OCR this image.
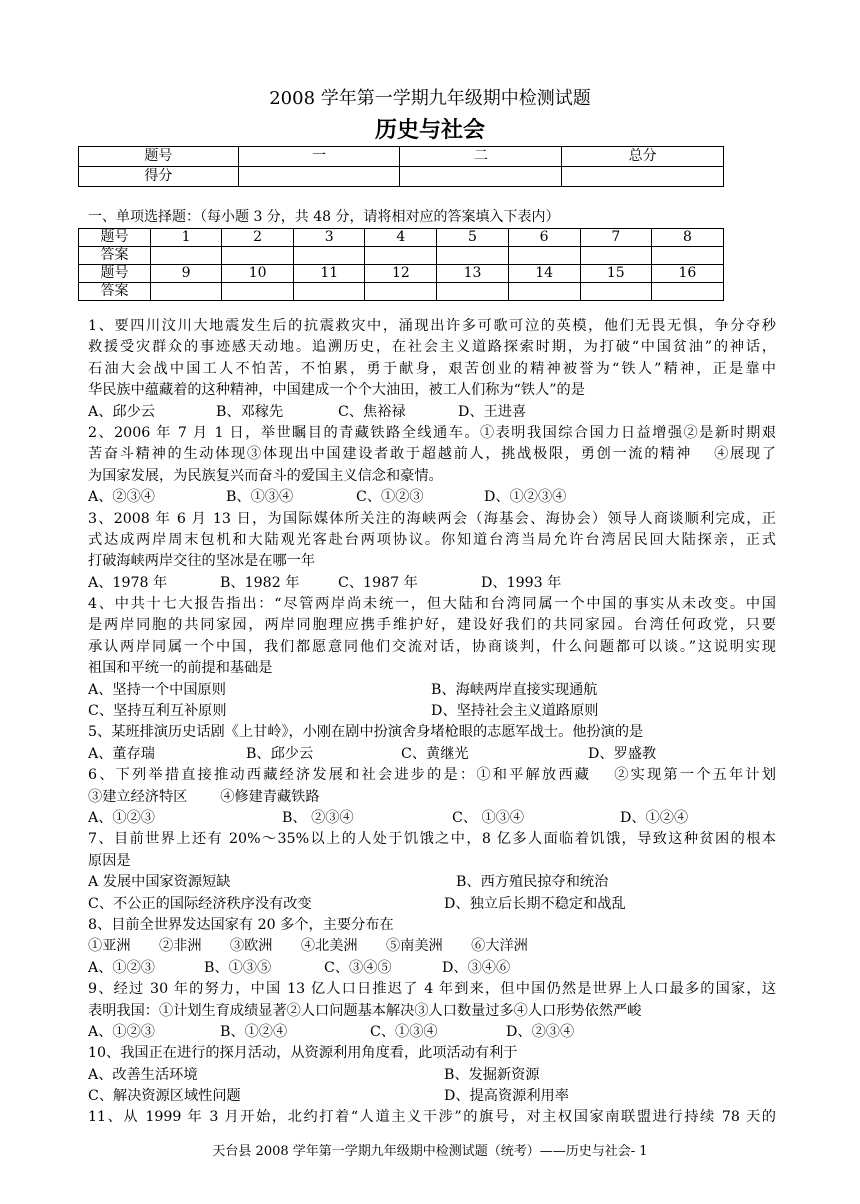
2008 学年第一学期九年级期中检测试题
历史与社会
题号	一	二	总分
得分			
一、单项选择题：（每小题 3 分，共 48 分，请将相对应的答案填入下表内）
题号	1	2	3	4	5	6	7	8
答案								
题号	9	10	11	12	13	14	15	16
答案								
1、要四川汶川大地震发生后的抗震救灾中，涌现出许多可歌可泣的英模，他们无畏无惧，争分夺秒
救援受灾群众的事迹感天动地。追溯历史，在社会主义道路探索时期，为打破“中国贫油”的神话，
石油大会战中国工人不怕苦，不怕累，勇于献身，艰苦创业的精神被誉为“铁人”精神，正是靠中
华民族中蕴藏着的这种精神，中国建成一个个大油田，被工人们称为“铁人”的是
A、邱少云	B、邓稼先	C、焦裕禄	D、王进喜
2、2006 年 7 月 1 日，举世瞩目的青藏铁路全线通车。①表明我国综合国力日益增强②是新时期艰
苦奋斗精神的生动体现③体现出中国建设者敢于超越前人，挑战极限，勇创一流的精神　 ④展现了
为国家发展，为民族复兴而奋斗的爱国主义信念和豪情。
A、②③④	B、①③④	C、①②③	D、①②③④
3、2008 年 6 月 13 日，为国际媒体所关注的海峡两会（海基会、海协会）领导人商谈顺利完成，正
式达成两岸周末包机和大陆观光客赴台两项协议。你知道台湾当局允许台湾居民回大陆探亲，正式
打破海峡两岸交往的坚冰是在哪一年
A、1978 年	B、1982 年	C、1987 年	D、1993 年
4、中共十七大报告指出：“尽管两岸尚未统一，但大陆和台湾同属一个中国的事实从未改变。中国
是两岸同胞的共同家园，两岸同胞理应携手维护好，建设好我们的共同家园。台湾任何政党，只要
承认两岸同属一个中国，我们都愿意同他们交流对话，协商谈判，什么问题都可以谈。”这说明实现
祖国和平统一的前提和基础是
A、坚持一个中国原则	B、海峡两岸直接实现通航
C、坚持互利互补原则	D、坚持社会主义道路原则
5、某班排演历史话剧《上甘岭》，小刚在剧中扮演舍身堵枪眼的志愿军战士。他扮演的是
A、董存瑞	B、邱少云	C、黄继光	D、罗盛教
6、下列举措直接推动西藏经济发展和社会进步的是：①和平解放西藏　 ②实现第一个五年计划
③建立经济特区　　 ④修建青藏铁路
A、①②③	B、 ②③④	C、 ①③④	D、①②④
7、目前世界上还有 20%～35%以上的人处于饥饿之中，8 亿多人面临着饥饿，导致这种贫困的根本
原因是
A 发展中国家资源短缺	B、西方殖民掠夺和统治
C、不公正的国际经济秩序没有改变	D、独立后长期不稳定和战乱
8、目前全世界发达国家有 20 多个，主要分布在
①亚洲　　②非洲　　③欧洲　　④北美洲　　⑤南美洲　　⑥大洋洲
A、①②③	B、①③⑤	C、③④⑤	D、③④⑥
9、经过 30 年的努力，中国 13 亿人口日推迟了 4 年到来，但中国仍然是世界上人口最多的国家，这
表明我国：①计划生育成绩显著②人口问题基本解决③人口数量过多④人口形势依然严峻
A、①②③	B、①②④	C、①③④	D、②③④
10、我国正在进行的探月活动，从资源利用角度看，此项活动有利于
A、改善生活环境	B、发掘新资源
C、解决资源区域性问题	D、提高资源利用率
11、从 1999 年 3 月开始，北约打着“人道主义干涉”的旗号，对主权国家南联盟进行持续 78 天的
天台县 2008 学年第一学期九年级期中检测试题（统考）——历史与社会- 1
